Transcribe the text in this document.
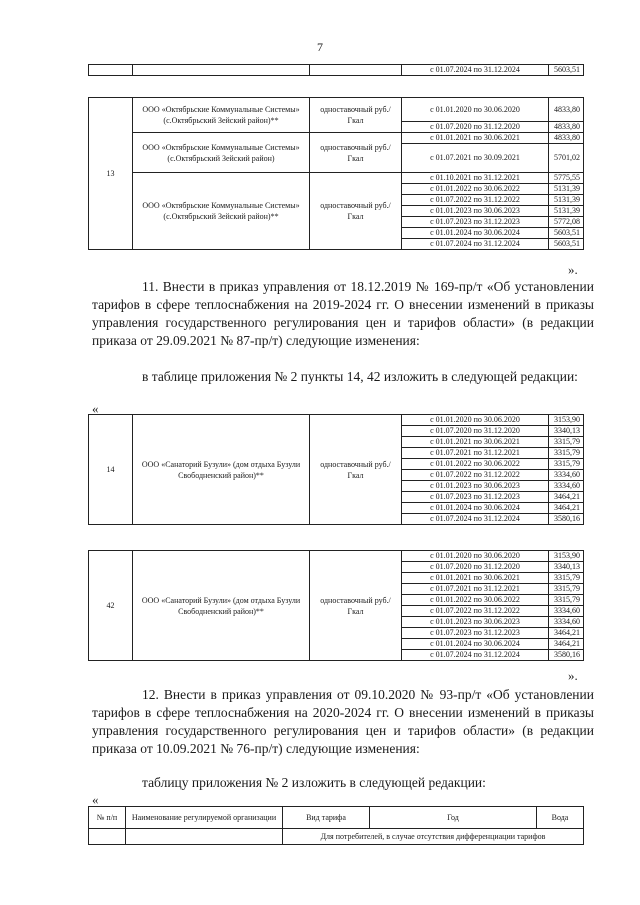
7
			с 01.07.2024 по 31.12.2024	5603,51
13	ООО «Октябрьские Коммунальные Системы» (с.Октябрьский Зейский район)**	одноставочный руб./Гкал	с 01.01.2020 по 30.06.2020	4833,80
			с 01.07.2020 по 31.12.2020	4833,80
	ООО «Октябрьские Коммунальные Системы» (с.Октябрьский Зейский район)	одноставочный руб./Гкал	с 01.01.2021 по 30.06.2021	4833,80
			с 01.07.2021 по 30.09.2021	5701,02
	ООО «Октябрьские Коммунальные Системы» (с.Октябрьский Зейский район)**	одноставочный руб./Гкал	с 01.10.2021 по 31.12.2021	5775,55
			с 01.01.2022 по 30.06.2022	5131,39
			с 01.07.2022 по 31.12.2022	5131,39
			с 01.01.2023 по 30.06.2023	5131,39
			с 01.07.2023 по 31.12.2023	5772,08
			с 01.01.2024 по 30.06.2024	5603,51
			с 01.07.2024 по 31.12.2024	5603,51
».
11. Внести в приказ управления от 18.12.2019 № 169-пр/т «Об установлении тарифов в сфере теплоснабжения на 2019-2024 гг. О внесении изменений в приказы управления государственного регулирования цен и тарифов области» (в редакции приказа от 29.09.2021 № 87-пр/т) следующие изменения:
в таблице приложения № 2 пункты 14, 42 изложить в следующей редакции:
«
14	ООО «Санаторий Бузули» (дом отдыха Бузули Свободненский район)**	одноставочный руб./Гкал	с 01.01.2020 по 30.06.2020	3153,90
			с 01.07.2020 по 31.12.2020	3340,13
			с 01.01.2021 по 30.06.2021	3315,79
			с 01.07.2021 по 31.12.2021	3315,79
			с 01.01.2022 по 30.06.2022	3315,79
			с 01.07.2022 по 31.12.2022	3334,60
			с 01.01.2023 по 30.06.2023	3334,60
			с 01.07.2023 по 31.12.2023	3464,21
			с 01.01.2024 по 30.06.2024	3464,21
			с 01.07.2024 по 31.12.2024	3580,16
42	ООО «Санаторий Бузули» (дом отдыха Бузули Свободненский район)**	одноставочный руб./Гкал	с 01.01.2020 по 30.06.2020	3153,90
			с 01.07.2020 по 31.12.2020	3340,13
			с 01.01.2021 по 30.06.2021	3315,79
			с 01.07.2021 по 31.12.2021	3315,79
			с 01.01.2022 по 30.06.2022	3315,79
			с 01.07.2022 по 31.12.2022	3334,60
			с 01.01.2023 по 30.06.2023	3334,60
			с 01.07.2023 по 31.12.2023	3464,21
			с 01.01.2024 по 30.06.2024	3464,21
			с 01.07.2024 по 31.12.2024	3580,16
».
12. Внести в приказ управления от 09.10.2020 № 93-пр/т «Об установлении тарифов в сфере теплоснабжения на 2020-2024 гг. О внесении изменений в приказы управления государственного регулирования цен и тарифов области» (в редакции приказа от 10.09.2021 № 76-пр/т) следующие изменения:
таблицу приложения № 2 изложить в следующей редакции:
«
№ п/п	Наименование регулируемой организации	Вид тарифа	Год	Вода
		Для потребителей, в случае отсутствия дифференциации тарифов		
